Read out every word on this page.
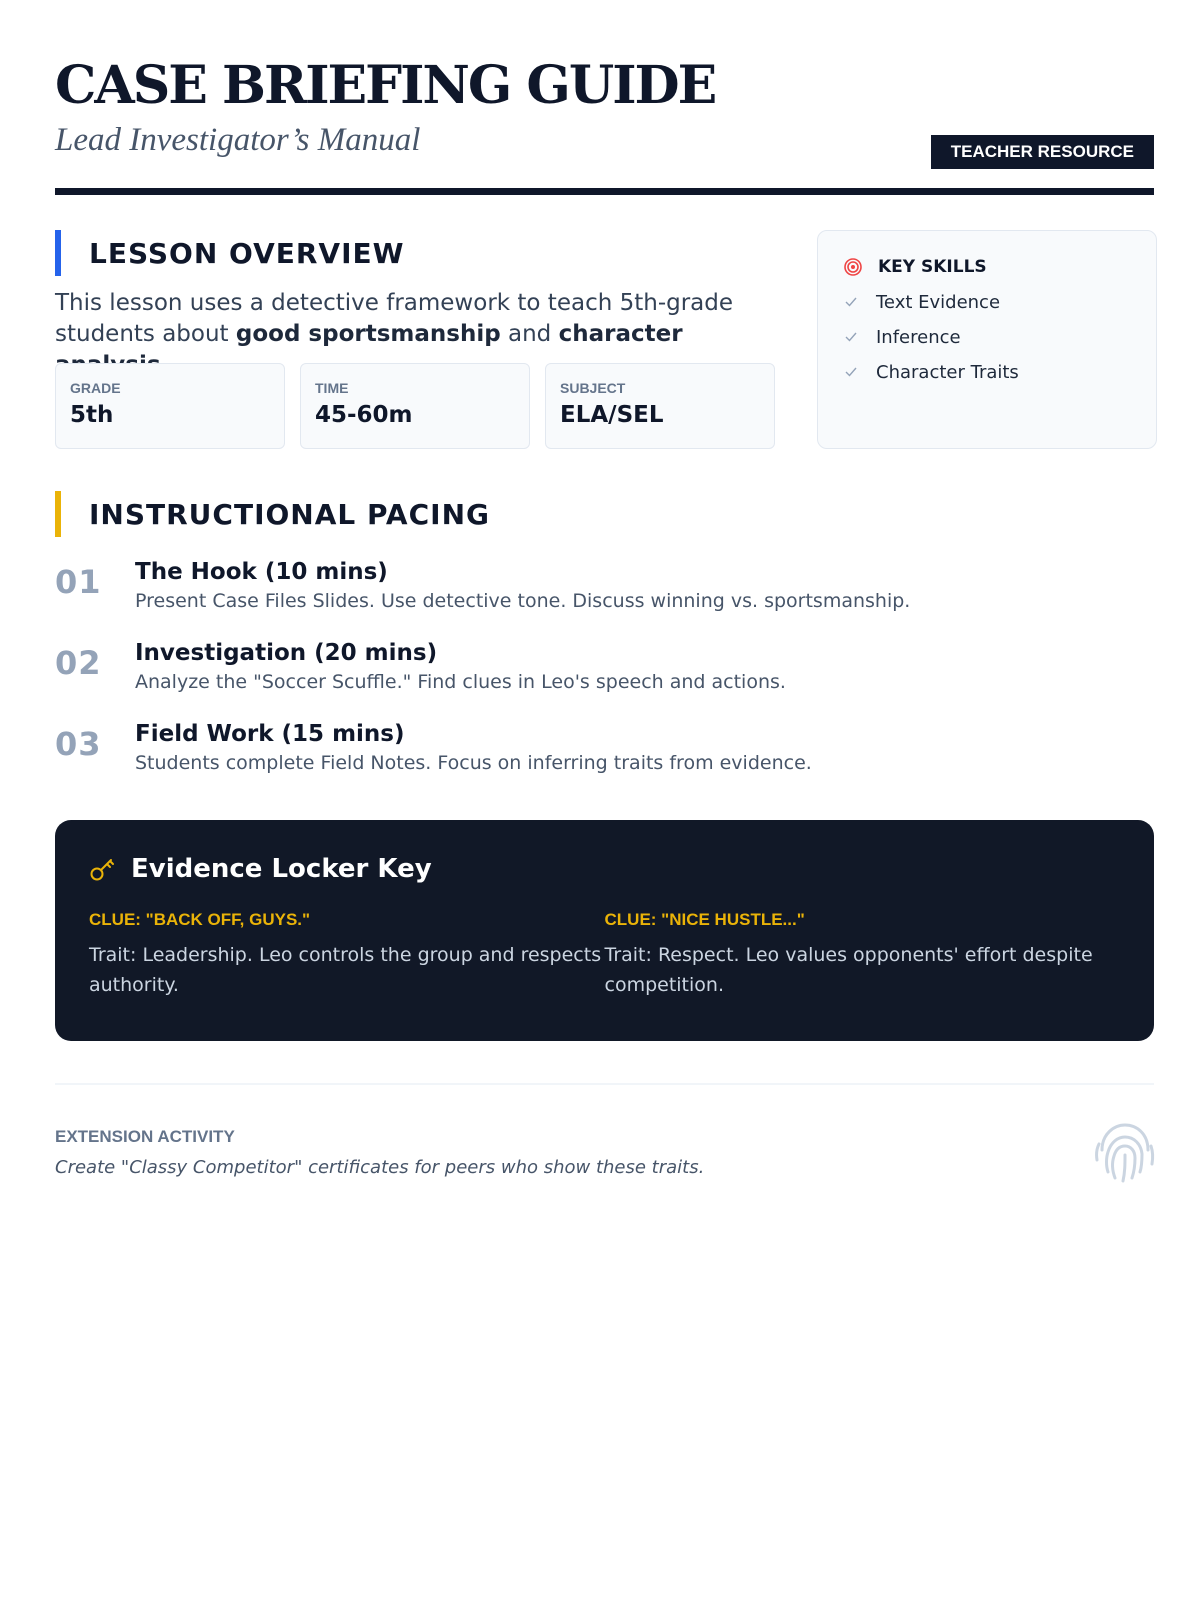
CASE BRIEFING GUIDE
Lead Investigator’s Manual	TEACHER RESOURCE
LESSON OVERVIEW
This lesson uses a detective framework to teach 5th-grade students about good sportsmanship and character
GRADE
5th
TIME
45-60m
SUBJECT
ELA/SEL
KEY SKILLS
Text Evidence
Inference
Character Traits
INSTRUCTIONAL PACING
01	The Hook (10 mins)
Present Case Files Slides. Use detective tone. Discuss winning vs. sportsmanship.
02	Investigation (20 mins)
Analyze the "Soccer Scuffle." Find clues in Leo's speech and actions.
03	Field Work (15 mins)
Students complete Field Notes. Focus on inferring traits from evidence.
Evidence Locker Key
CLUE: "BACK OFF, GUYS."
Trait: Leadership. Leo controls the group and respects authority.
CLUE: "NICE HUSTLE..."
Trait: Respect. Leo values opponents' effort despite competition.
EXTENSION ACTIVITY
Create "Classy Competitor" certificates for peers who show these traits.
